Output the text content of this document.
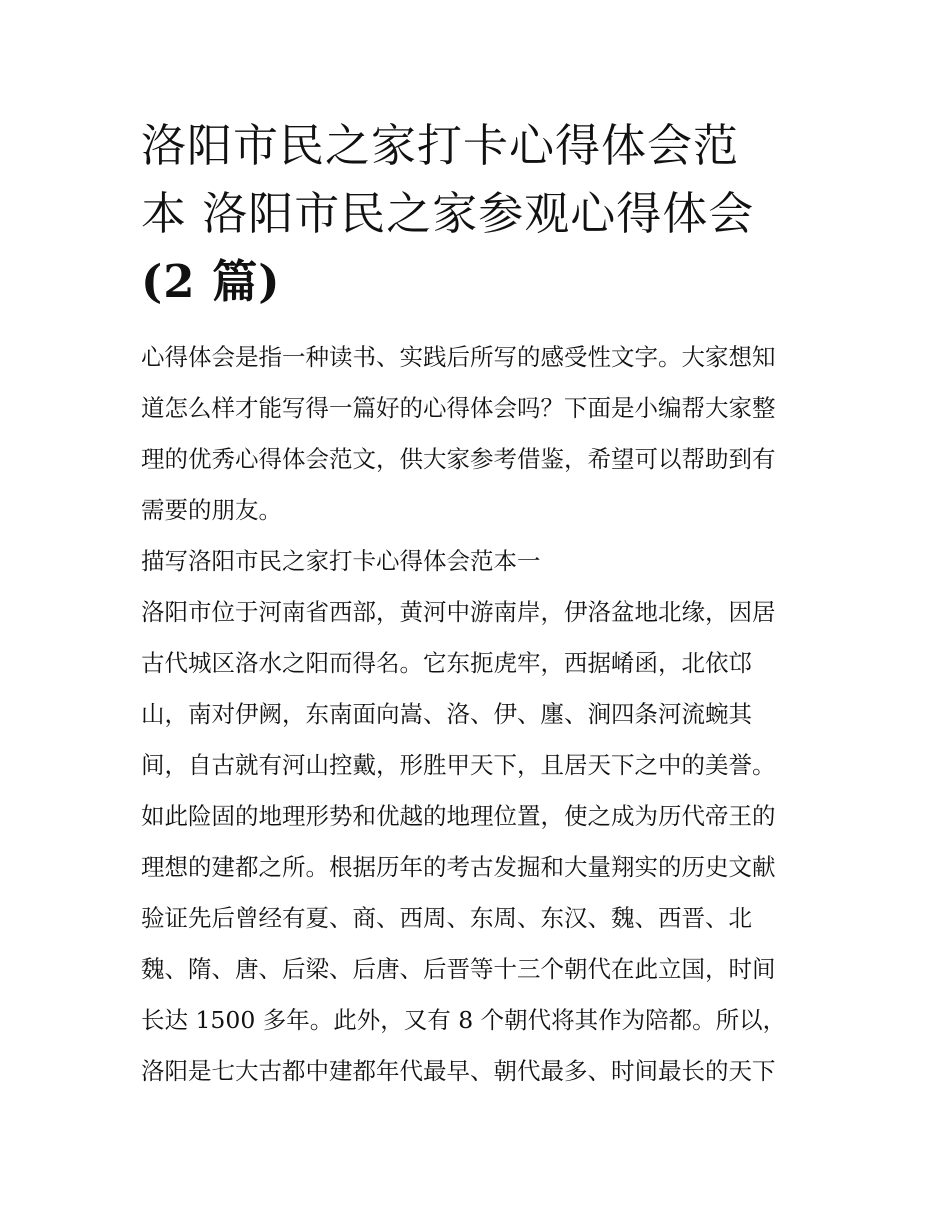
洛阳市民之家打卡心得体会范
本 洛阳市民之家参观心得体会
(2 篇)

心得体会是指一种读书、实践后所写的感受性文字。大家想知
道怎么样才能写得一篇好的心得体会吗？下面是小编帮大家整
理的优秀心得体会范文，供大家参考借鉴，希望可以帮助到有
需要的朋友。

描写洛阳市民之家打卡心得体会范本一

洛阳市位于河南省西部，黄河中游南岸，伊洛盆地北缘，因居
古代城区洛水之阳而得名。它东扼虎牢，西据崤函，北依邙
山，南对伊阙，东南面向嵩、洛、伊、廛、涧四条河流蜿其
间，自古就有河山控戴，形胜甲天下，且居天下之中的美誉。
如此险固的地理形势和优越的地理位置，使之成为历代帝王的
理想的建都之所。根据历年的考古发掘和大量翔实的历史文献
验证先后曾经有夏、商、西周、东周、东汉、魏、西晋、北
魏、隋、唐、后梁、后唐、后晋等十三个朝代在此立国，时间
长达 1500 多年。此外，又有 8 个朝代将其作为陪都。所以，
洛阳是七大古都中建都年代最早、朝代最多、时间最长的天下
